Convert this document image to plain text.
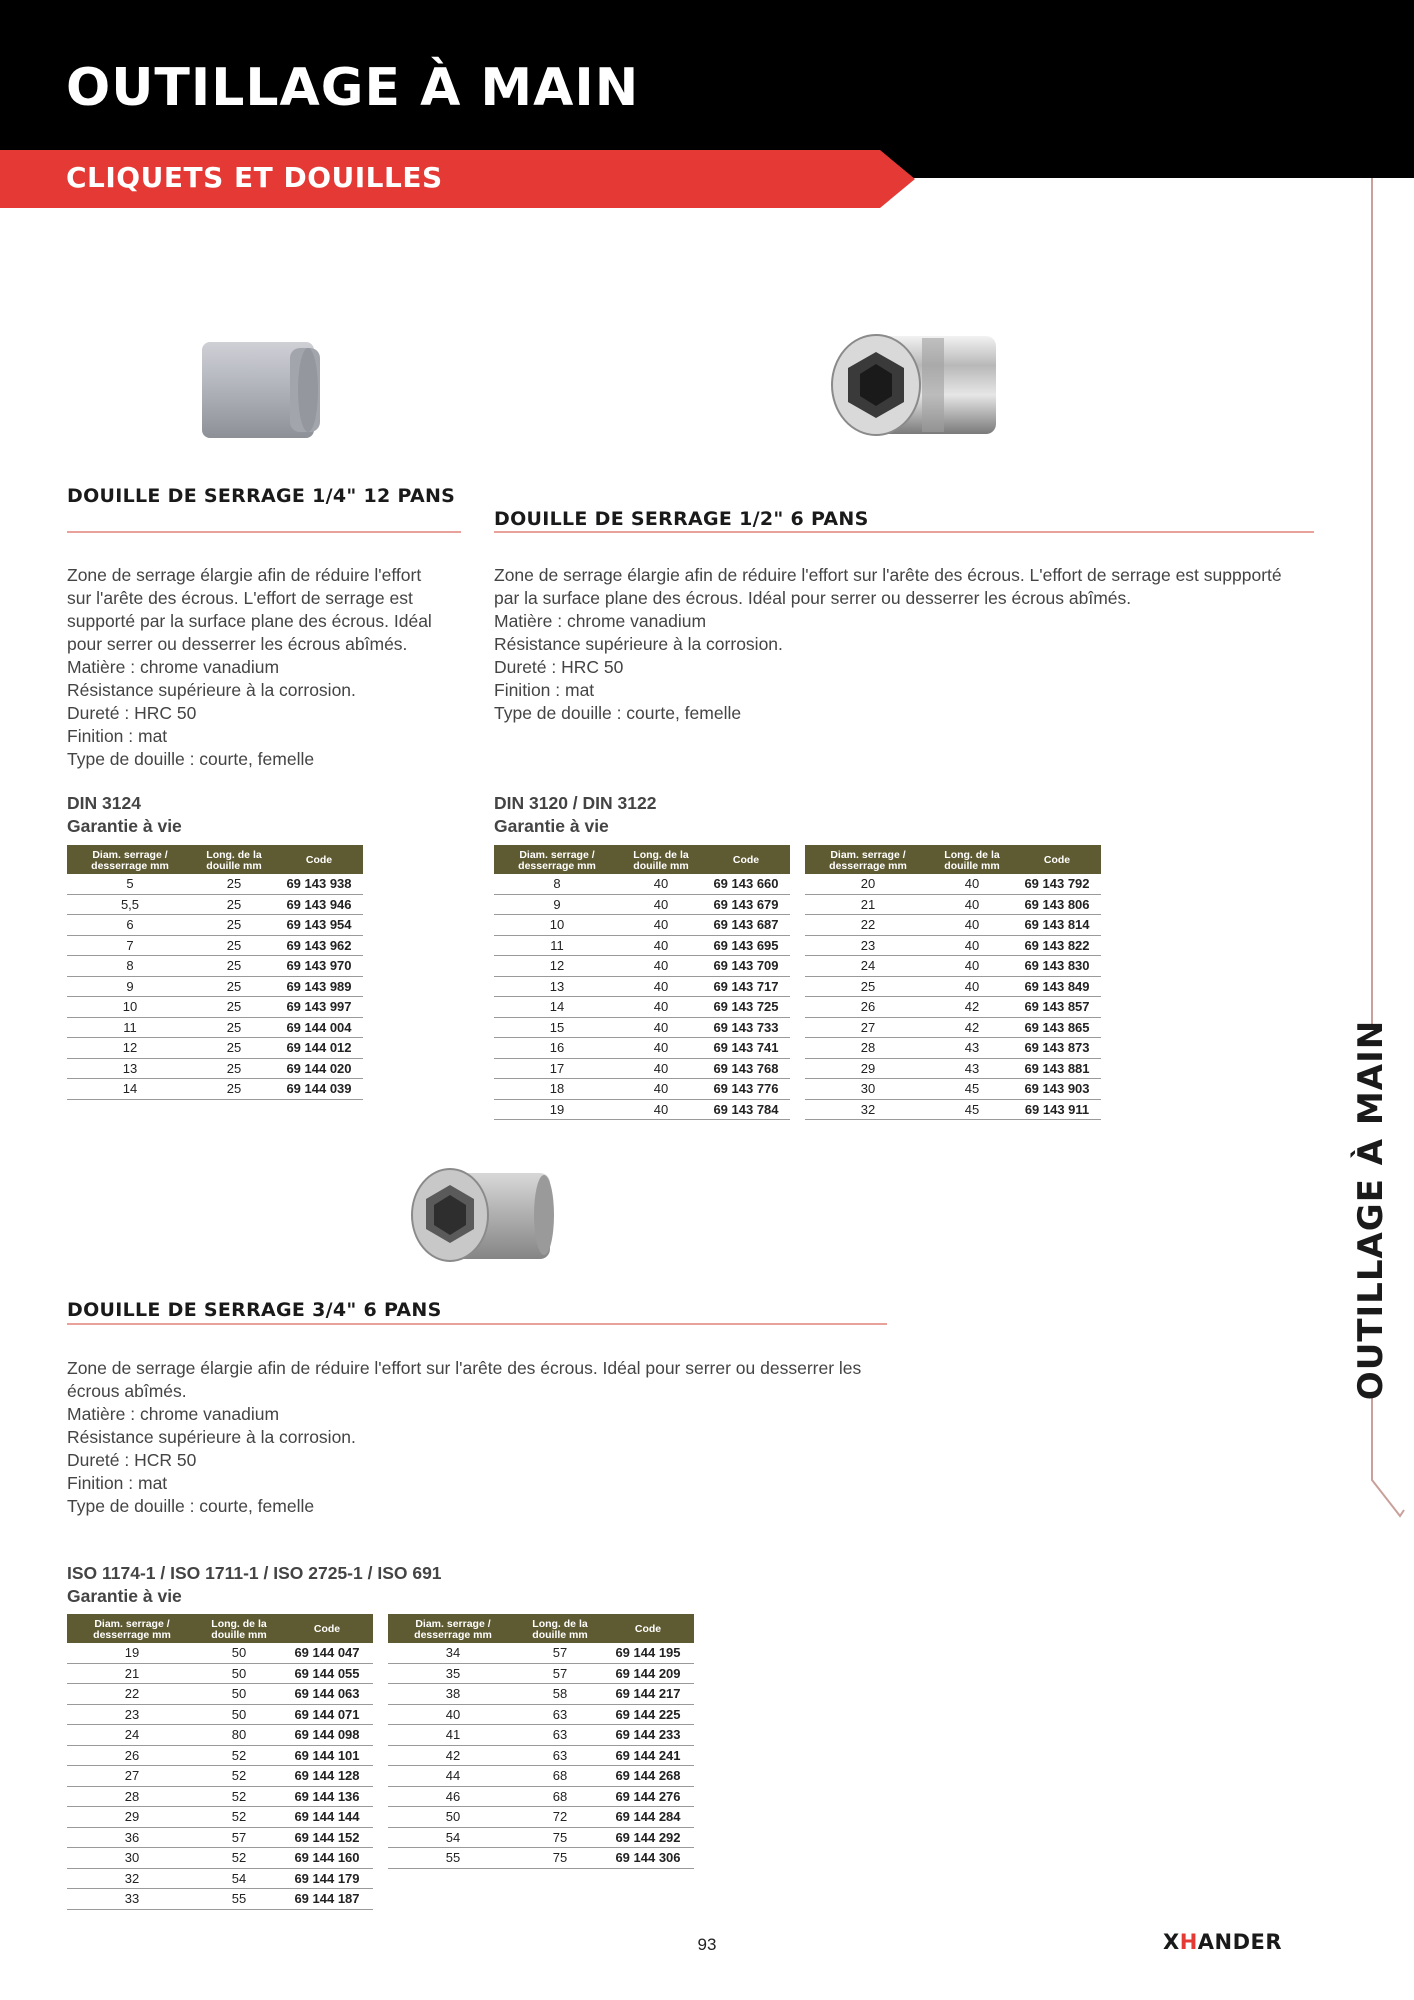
OUTILLAGE À MAIN
CLIQUETS ET DOUILLES
OUTILLAGE À MAIN
DOUILLE DE SERRAGE 1/4" 12 PANS

Zone de serrage élargie afin de réduire l'effort

sur l'arête des écrous. L'effort de serrage est

supporté par la surface plane des écrous. Idéal

pour serrer ou desserrer les écrous abîmés.

Matière : chrome vanadium

Résistance supérieure à la corrosion.

Dureté : HRC 50

Finition : mat

Type de douille : courte, femelle

DIN 3124
Garantie à vie
Diam. serrage / desserrage mm	Long. de la douille mm	Code
5	25	69 143 938
5,5	25	69 143 946
6	25	69 143 954
7	25	69 143 962
8	25	69 143 970
9	25	69 143 989
10	25	69 143 997
11	25	69 144 004
12	25	69 144 012
13	25	69 144 020
14	25	69 144 039
DOUILLE DE SERRAGE 1/2" 6 PANS

Zone de serrage élargie afin de réduire l'effort sur l'arête des écrous. L'effort de serrage est suppporté

par la surface plane des écrous. Idéal pour serrer ou desserrer les écrous abîmés.

Matière : chrome vanadium

Résistance supérieure à la corrosion.

Dureté : HRC 50

Finition : mat

Type de douille : courte, femelle

DIN 3120 / DIN 3122
Garantie à vie
Diam. serrage / desserrage mm	Long. de la douille mm	Code
8	40	69 143 660
9	40	69 143 679
10	40	69 143 687
11	40	69 143 695
12	40	69 143 709
13	40	69 143 717
14	40	69 143 725
15	40	69 143 733
16	40	69 143 741
17	40	69 143 768
18	40	69 143 776
19	40	69 143 784
Diam. serrage / desserrage mm	Long. de la douille mm	Code
20	40	69 143 792
21	40	69 143 806
22	40	69 143 814
23	40	69 143 822
24	40	69 143 830
25	40	69 143 849
26	42	69 143 857
27	42	69 143 865
28	43	69 143 873
29	43	69 143 881
30	45	69 143 903
32	45	69 143 911
DOUILLE DE SERRAGE 3/4" 6 PANS

Zone de serrage élargie afin de réduire l'effort sur l'arête des écrous. Idéal pour serrer ou desserrer les

écrous abîmés.

Matière : chrome vanadium

Résistance supérieure à la corrosion.

Dureté : HCR 50

Finition : mat

Type de douille : courte, femelle

ISO 1174-1 / ISO 1711-1 / ISO 2725-1 / ISO 691
Garantie à vie
Diam. serrage / desserrage mm	Long. de la douille mm	Code
19	50	69 144 047
21	50	69 144 055
22	50	69 144 063
23	50	69 144 071
24	80	69 144 098
26	52	69 144 101
27	52	69 144 128
28	52	69 144 136
29	52	69 144 144
36	57	69 144 152
30	52	69 144 160
32	54	69 144 179
33	55	69 144 187
Diam. serrage / desserrage mm	Long. de la douille mm	Code
34	57	69 144 195
35	57	69 144 209
38	58	69 144 217
40	63	69 144 225
41	63	69 144 233
42	63	69 144 241
44	68	69 144 268
46	68	69 144 276
50	72	69 144 284
54	75	69 144 292
55	75	69 144 306
93	XHANDER
